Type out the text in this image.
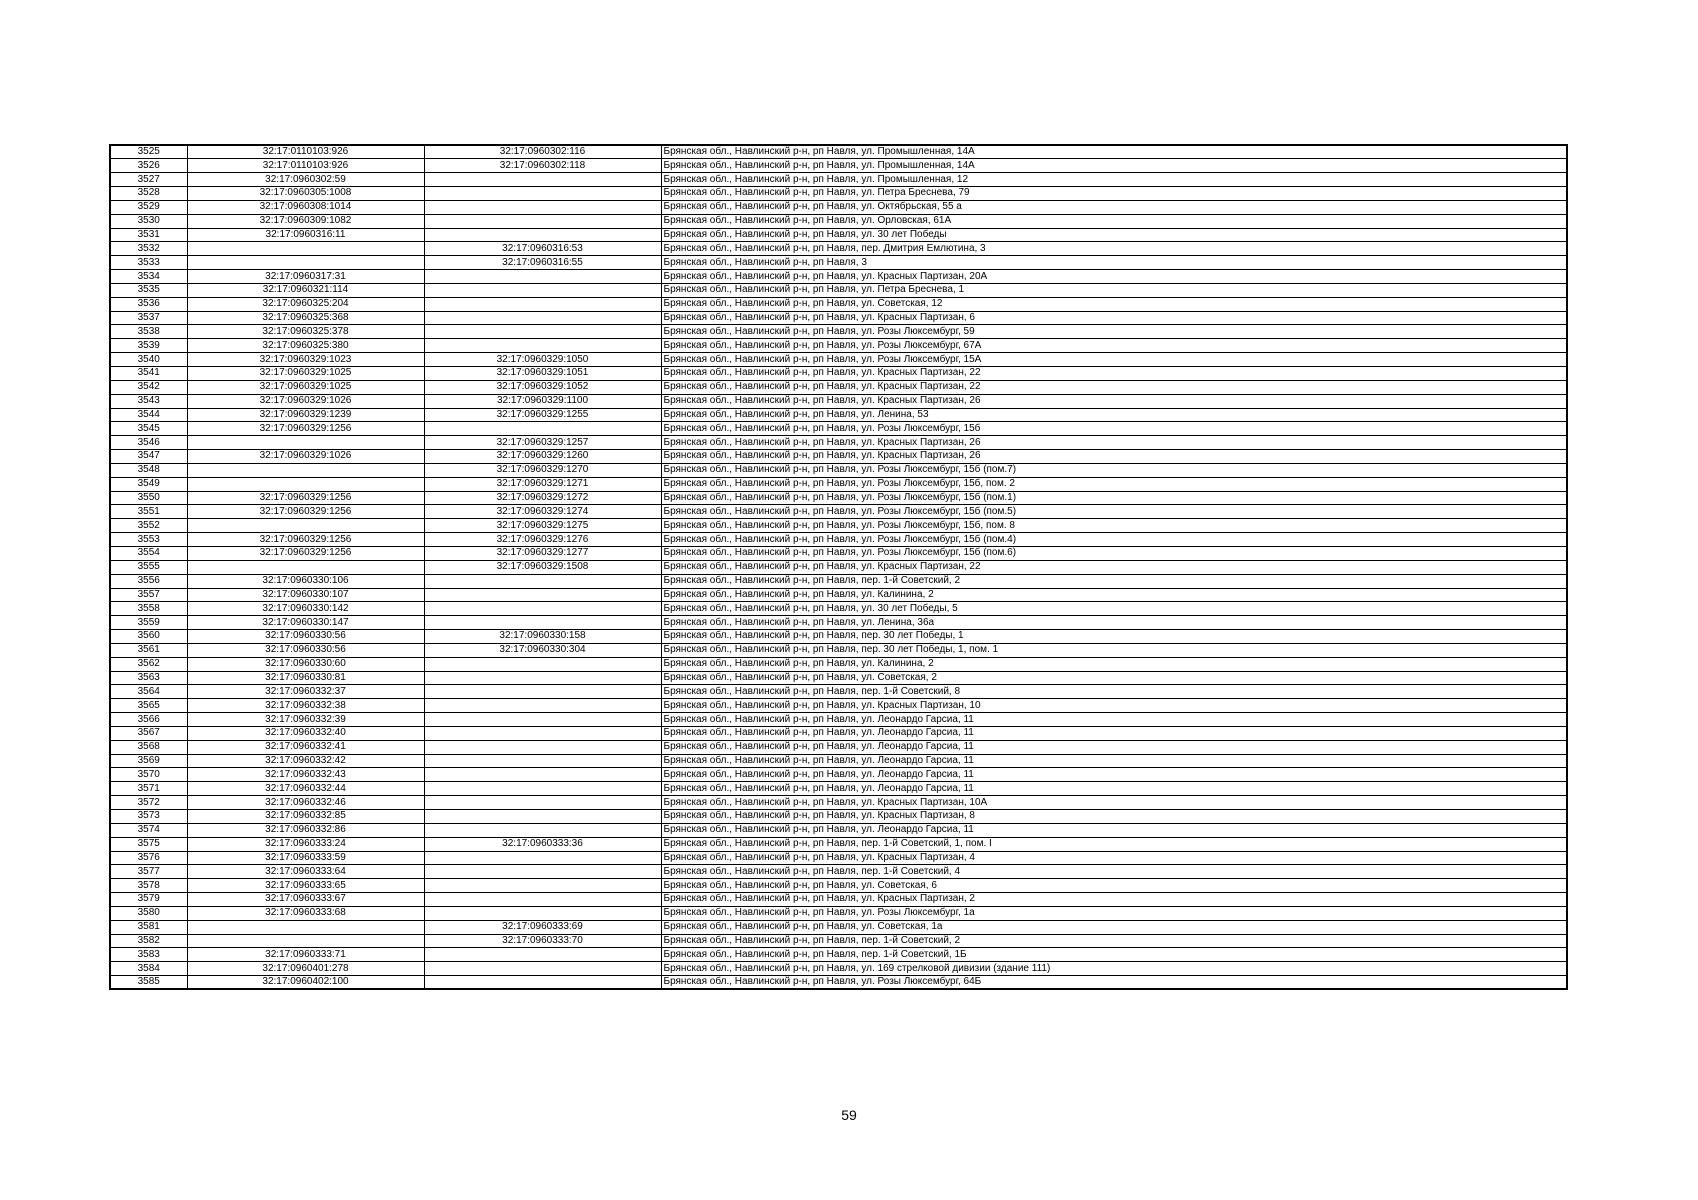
3525	32:17:0110103:926	32:17:0960302:116	Брянская обл., Навлинский р-н, рп Навля, ул. Промышленная, 14А
3526	32:17:0110103:926	32:17:0960302:118	Брянская обл., Навлинский р-н, рп Навля, ул. Промышленная, 14А
3527	32:17:0960302:59		Брянская обл., Навлинский р-н, рп Навля, ул. Промышленная, 12
3528	32:17:0960305:1008		Брянская обл., Навлинский р-н, рп Навля, ул. Петра Бреснева, 79
3529	32:17:0960308:1014		Брянская обл., Навлинский р-н, рп Навля, ул. Октябрьская, 55 а
3530	32:17:0960309:1082		Брянская обл., Навлинский р-н, рп Навля, ул. Орловская, 61А
3531	32:17:0960316:11		Брянская обл., Навлинский р-н, рп Навля, ул. 30 лет Победы
3532		32:17:0960316:53	Брянская обл., Навлинский р-н, рп Навля, пер. Дмитрия Емлютина, 3
3533		32:17:0960316:55	Брянская обл., Навлинский р-н, рп Навля, 3
3534	32:17:0960317:31		Брянская обл., Навлинский р-н, рп Навля, ул. Красных Партизан, 20А
3535	32:17:0960321:114		Брянская обл., Навлинский р-н, рп Навля, ул. Петра Бреснева, 1
3536	32:17:0960325:204		Брянская обл., Навлинский р-н, рп Навля, ул. Советская, 12
3537	32:17:0960325:368		Брянская обл., Навлинский р-н, рп Навля, ул. Красных Партизан, 6
3538	32:17:0960325:378		Брянская обл., Навлинский р-н, рп Навля, ул. Розы Люксембург, 59
3539	32:17:0960325:380		Брянская обл., Навлинский р-н, рп Навля, ул. Розы Люксембург, 67А
3540	32:17:0960329:1023	32:17:0960329:1050	Брянская обл., Навлинский р-н, рп Навля, ул. Розы Люксембург, 15А
3541	32:17:0960329:1025	32:17:0960329:1051	Брянская обл., Навлинский р-н, рп Навля, ул. Красных Партизан, 22
3542	32:17:0960329:1025	32:17:0960329:1052	Брянская обл., Навлинский р-н, рп Навля, ул. Красных Партизан, 22
3543	32:17:0960329:1026	32:17:0960329:1100	Брянская обл., Навлинский р-н, рп Навля, ул. Красных Партизан, 26
3544	32:17:0960329:1239	32:17:0960329:1255	Брянская обл., Навлинский р-н, рп Навля, ул. Ленина, 53
3545	32:17:0960329:1256		Брянская обл., Навлинский р-н, рп Навля, ул. Розы Люксембург, 15б
3546		32:17:0960329:1257	Брянская обл., Навлинский р-н, рп Навля, ул. Красных Партизан, 26
3547	32:17:0960329:1026	32:17:0960329:1260	Брянская обл., Навлинский р-н, рп Навля, ул. Красных Партизан, 26
3548		32:17:0960329:1270	Брянская обл., Навлинский р-н, рп Навля, ул. Розы Люксембург, 15б (пом.7)
3549		32:17:0960329:1271	Брянская обл., Навлинский р-н, рп Навля, ул. Розы Люксембург, 15б, пом. 2
3550	32:17:0960329:1256	32:17:0960329:1272	Брянская обл., Навлинский р-н, рп Навля, ул. Розы Люксембург, 15б (пом.1)
3551	32:17:0960329:1256	32:17:0960329:1274	Брянская обл., Навлинский р-н, рп Навля, ул. Розы Люксембург, 15б (пом.5)
3552		32:17:0960329:1275	Брянская обл., Навлинский р-н, рп Навля, ул. Розы Люксембург, 15б, пом. 8
3553	32:17:0960329:1256	32:17:0960329:1276	Брянская обл., Навлинский р-н, рп Навля, ул. Розы Люксембург, 15б (пом.4)
3554	32:17:0960329:1256	32:17:0960329:1277	Брянская обл., Навлинский р-н, рп Навля, ул. Розы Люксембург, 15б (пом.6)
3555		32:17:0960329:1508	Брянская обл., Навлинский р-н, рп Навля, ул. Красных Партизан, 22
3556	32:17:0960330:106		Брянская обл., Навлинский р-н, рп Навля, пер. 1-й Советский, 2
3557	32:17:0960330:107		Брянская обл., Навлинский р-н, рп Навля, ул. Калинина, 2
3558	32:17:0960330:142		Брянская обл., Навлинский р-н, рп Навля, ул. 30 лет Победы, 5
3559	32:17:0960330:147		Брянская обл., Навлинский р-н, рп Навля, ул. Ленина, 36а
3560	32:17:0960330:56	32:17:0960330:158	Брянская обл., Навлинский р-н, рп Навля, пер. 30 лет Победы, 1
3561	32:17:0960330:56	32:17:0960330:304	Брянская обл., Навлинский р-н, рп Навля, пер. 30 лет Победы, 1, пом. 1
3562	32:17:0960330:60		Брянская обл., Навлинский р-н, рп Навля, ул. Калинина, 2
3563	32:17:0960330:81		Брянская обл., Навлинский р-н, рп Навля, ул. Советская, 2
3564	32:17:0960332:37		Брянская обл., Навлинский р-н, рп Навля, пер. 1-й Советский, 8
3565	32:17:0960332:38		Брянская обл., Навлинский р-н, рп Навля, ул. Красных Партизан, 10
3566	32:17:0960332:39		Брянская обл., Навлинский р-н, рп Навля, ул. Леонардо Гарсиа, 11
3567	32:17:0960332:40		Брянская обл., Навлинский р-н, рп Навля, ул. Леонардо Гарсиа, 11
3568	32:17:0960332:41		Брянская обл., Навлинский р-н, рп Навля, ул. Леонардо Гарсиа, 11
3569	32:17:0960332:42		Брянская обл., Навлинский р-н, рп Навля, ул. Леонардо Гарсиа, 11
3570	32:17:0960332:43		Брянская обл., Навлинский р-н, рп Навля, ул. Леонардо Гарсиа, 11
3571	32:17:0960332:44		Брянская обл., Навлинский р-н, рп Навля, ул. Леонардо Гарсиа, 11
3572	32:17:0960332:46		Брянская обл., Навлинский р-н, рп Навля, ул. Красных Партизан, 10А
3573	32:17:0960332:85		Брянская обл., Навлинский р-н, рп Навля, ул. Красных Партизан, 8
3574	32:17:0960332:86		Брянская обл., Навлинский р-н, рп Навля, ул. Леонардо Гарсиа, 11
3575	32:17:0960333:24	32:17:0960333:36	Брянская обл., Навлинский р-н, рп Навля, пер. 1-й Советский, 1, пом. I
3576	32:17:0960333:59		Брянская обл., Навлинский р-н, рп Навля, ул. Красных Партизан, 4
3577	32:17:0960333:64		Брянская обл., Навлинский р-н, рп Навля, пер. 1-й Советский, 4
3578	32:17:0960333:65		Брянская обл., Навлинский р-н, рп Навля, ул. Советская, 6
3579	32:17:0960333:67		Брянская обл., Навлинский р-н, рп Навля, ул. Красных Партизан, 2
3580	32:17:0960333:68		Брянская обл., Навлинский р-н, рп Навля, ул. Розы Люксембург, 1а
3581		32:17:0960333:69	Брянская обл., Навлинский р-н, рп Навля, ул. Советская, 1а
3582		32:17:0960333:70	Брянская обл., Навлинский р-н, рп Навля, пер. 1-й Советский, 2
3583	32:17:0960333:71		Брянская обл., Навлинский р-н, рп Навля, пер. 1-й Советский, 1Б
3584	32:17:0960401:278		Брянская обл., Навлинский р-н, рп Навля, ул. 169 стрелковой дивизии (здание 111)
3585	32:17:0960402:100		Брянская обл., Навлинский р-н, рп Навля, ул. Розы Люксембург, 64Б
59
